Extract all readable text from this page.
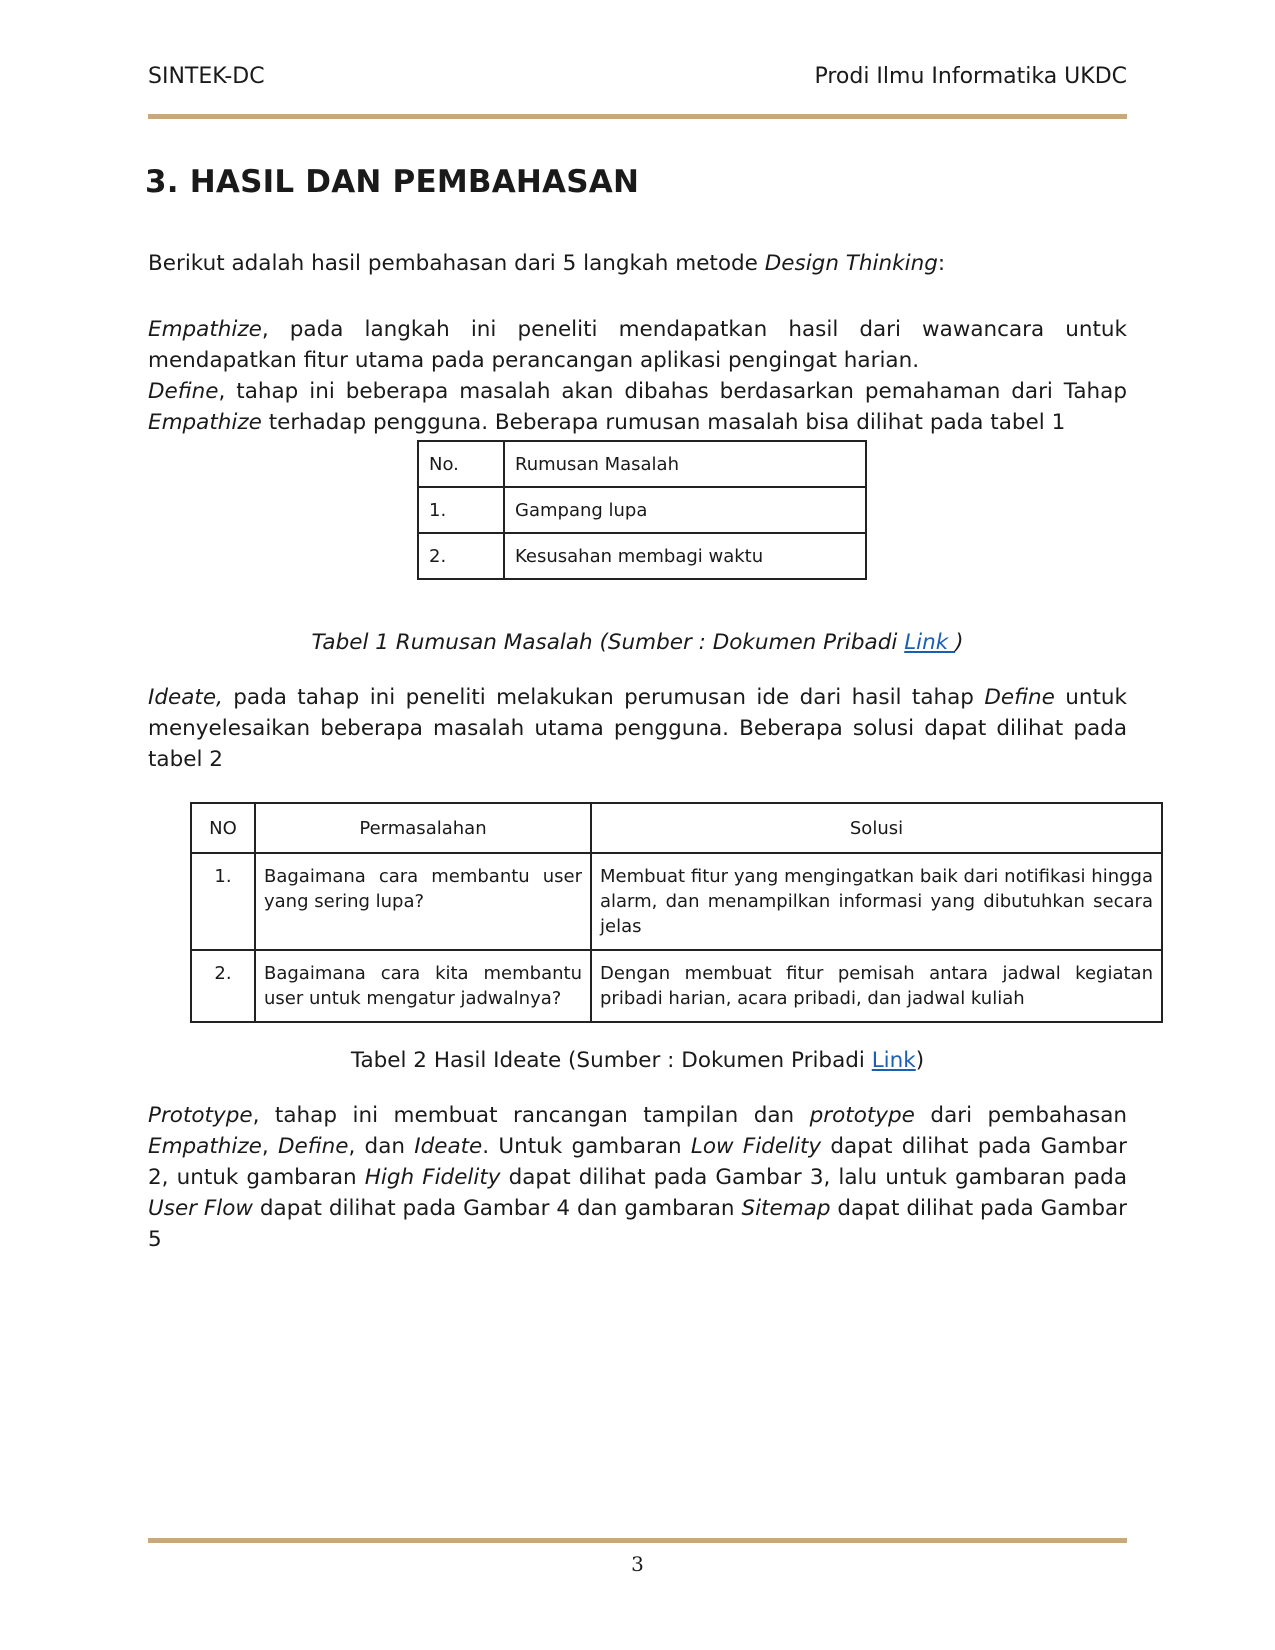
SINTEK-DC	Prodi Ilmu Informatika UKDC
3. HASIL DAN PEMBAHASAN

Berikut adalah hasil pembahasan dari 5 langkah metode Design Thinking:

Empathize, pada langkah ini peneliti mendapatkan hasil dari wawancara untuk mendapatkan fitur utama pada perancangan aplikasi pengingat harian.

Define, tahap ini beberapa masalah akan dibahas berdasarkan pemahaman dari Tahap Empathize terhadap pengguna. Beberapa rumusan masalah bisa dilihat pada tabel 1

No.	Rumusan Masalah
1.	Gampang lupa
2.	Kesusahan membagi waktu
Tabel 1 Rumusan Masalah (Sumber : Dokumen Pribadi Link )

Ideate, pada tahap ini peneliti melakukan perumusan ide dari hasil tahap Define untuk menyelesaikan beberapa masalah utama pengguna. Beberapa solusi dapat dilihat pada tabel 2

NO	Permasalahan	Solusi
1.	Bagaimana cara membantu user yang sering lupa?	Membuat fitur yang mengingatkan baik dari notifikasi hingga alarm, dan menampilkan informasi yang dibutuhkan secara jelas
2.	Bagaimana cara kita membantu user untuk mengatur jadwalnya?	Dengan membuat fitur pemisah antara jadwal kegiatan pribadi harian, acara pribadi, dan jadwal kuliah
Tabel 2 Hasil Ideate (Sumber : Dokumen Pribadi Link)

Prototype, tahap ini membuat rancangan tampilan dan prototype dari pembahasan Empathize, Define, dan Ideate. Untuk gambaran Low Fidelity dapat dilihat pada Gambar 2, untuk gambaran High Fidelity dapat dilihat pada Gambar 3, lalu untuk gambaran pada User Flow dapat dilihat pada Gambar 4 dan gambaran Sitemap dapat dilihat pada Gambar 5

3
